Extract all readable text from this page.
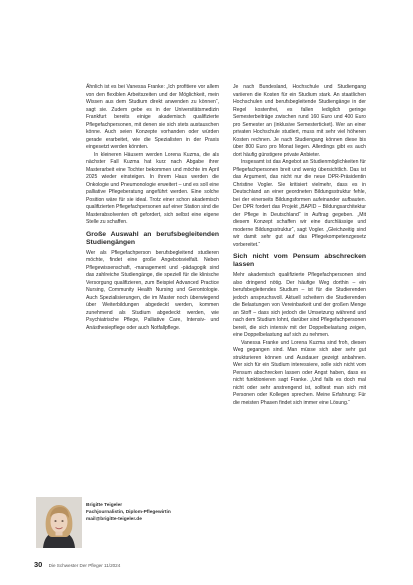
Ähnlich ist es bei Vanessa Franke: „Ich profitiere vor allem von den flexiblen Arbeitszeiten und der Möglichkeit, mein Wissen aus dem Studium direkt anwenden zu können“, sagt sie. Zudem gebe es in der Universitätsmedizin Frankfurt bereits einige akademisch qualifizierte Pflegefachpersonen, mit denen sie sich stets austauschen könne. Auch seien Konzepte vorhanden oder würden gerade erarbeitet, wie die Spezialisten in der Praxis eingesetzt werden könnten.

In kleineren Häusern werden Lorena Kuzma, die als nächster Fall Kuzma hat kurz nach Abgabe ihrer Masterarbeit eine Tochter bekommen und möchte im April 2025 wieder einsteigen. In ihrem Haus werden die Onkologie und Pneumonologie erweitert – und es soll eine palliative Pflegeberatung angeführt werden. Eine solche Position wäre für sie ideal. Trotz einer schon akademisch qualifizierten Pflegefachpersonen auf einer Station sind die Masterabsolventen oft gefordert, sich selbst eine eigene Stelle zu schaffen.

Große Auswahl an berufsbegleitenden Studiengängen

Wer als Pflegefachperson berufsbegleitend studieren möchte, findet eine große Angebotsvielfalt. Neben Pflegewissenschaft, -management und -pädagogik sind das zahlreiche Studiengänge, die speziell für die klinische Versorgung qualifizieren, zum Beispiel Advanced Practice Nursing, Community Health Nursing und Gerontologie. Auch Spezialisierungen, die im Master noch überwiegend über Weiterbildungen abgedeckt werden, kommen zunehmend als Studium abgedeckt werden, wie Psychiatrische Pflege, Palliative Care, Intensiv- und Anästhesiepflege oder auch Notfallpflege.

Je nach Bundesland, Hochschule und Studiengang variieren die Kosten für ein Studium stark. An staatlichen Hochschulen und berufsbegleitende Studiengänge in der Regel kostenfrei, es fallen lediglich geringe Semesterbeiträge zwischen rund 160 Euro und 400 Euro pro Semester an (inklusive Semesterticket). Wer an einer privaten Hochschule studiert, muss mit sehr viel höheren Kosten rechnen. Je nach Studiengang können diese bis über 800 Euro pro Monat liegen. Allerdings gibt es auch dort häufig günstigere private Anbieter.

Insgesamt ist das Angebot an Studienmöglichkeiten für Pflegefachpersonen breit und wenig übersichtlich. Das ist das Argument, das nicht nur die neue DPR-Präsidentin Christine Vogler. Sie kritisiert vielmehr, dass es in Deutschland an einer geordneten Bildungsstruktur fehle, bei der einerseits Bildungsformen aufeinander aufbauten. Der DPR fordert das Projekt „BAPID – Bildungsarchitektur der Pflege in Deutschland“ in Auftrag gegeben. „Mit diesem Konzept schaffen wir eine durchlässige und moderne Bildungsstruktur“, sagt Vogler. „Gleichzeitig sind wir damit sehr gut auf das Pflegekompetenzgesetz vorbereitet.“

Sich nicht vom Pensum abschrecken lassen

Mehr akademisch qualifizierte Pflegefachpersonen sind also dringend nötig. Der häufige Weg dorthin – ein berufsbegleitendes Studium – ist für die Studierenden jedoch anspruchsvoll. Aktuell scheitern die Studierenden die Belastungen von Vereinbarkeit und der großen Menge an Stoff – dass sich jedoch die Umsetzung während und nach dem Studium lohnt, darüber sind Pflegefachpersonen bereit, die sich intensiv mit der Doppelbelastung zeigen, eine Doppelbelastung auf sich zu nehmen.

Vanessa Franke und Lorena Kuzma sind froh, diesen Weg gegangen sind. Man müsse sich aber sehr gut strukturieren können und Ausdauer gezeigt anbahnen. Wer sich für ein Studium interessiere, solle sich nicht vom Pensum abschrecken lassen oder Angst haben, dass es nicht funktionieren sagt Franke. „Und falls es doch mal nicht oder sehr anstrengend ist, solltest man sich mit Personen oder Kollegen sprechen. Meine Erfahrung: Für die meisten Phasen findet sich immer eine Lösung.“

Brigitte Teigeler
Fachjournalistin, Diplom-Pflegewirtin
mail@brigitte-teigeler.de
30 Die Schwester Der Pfleger 11/2024
